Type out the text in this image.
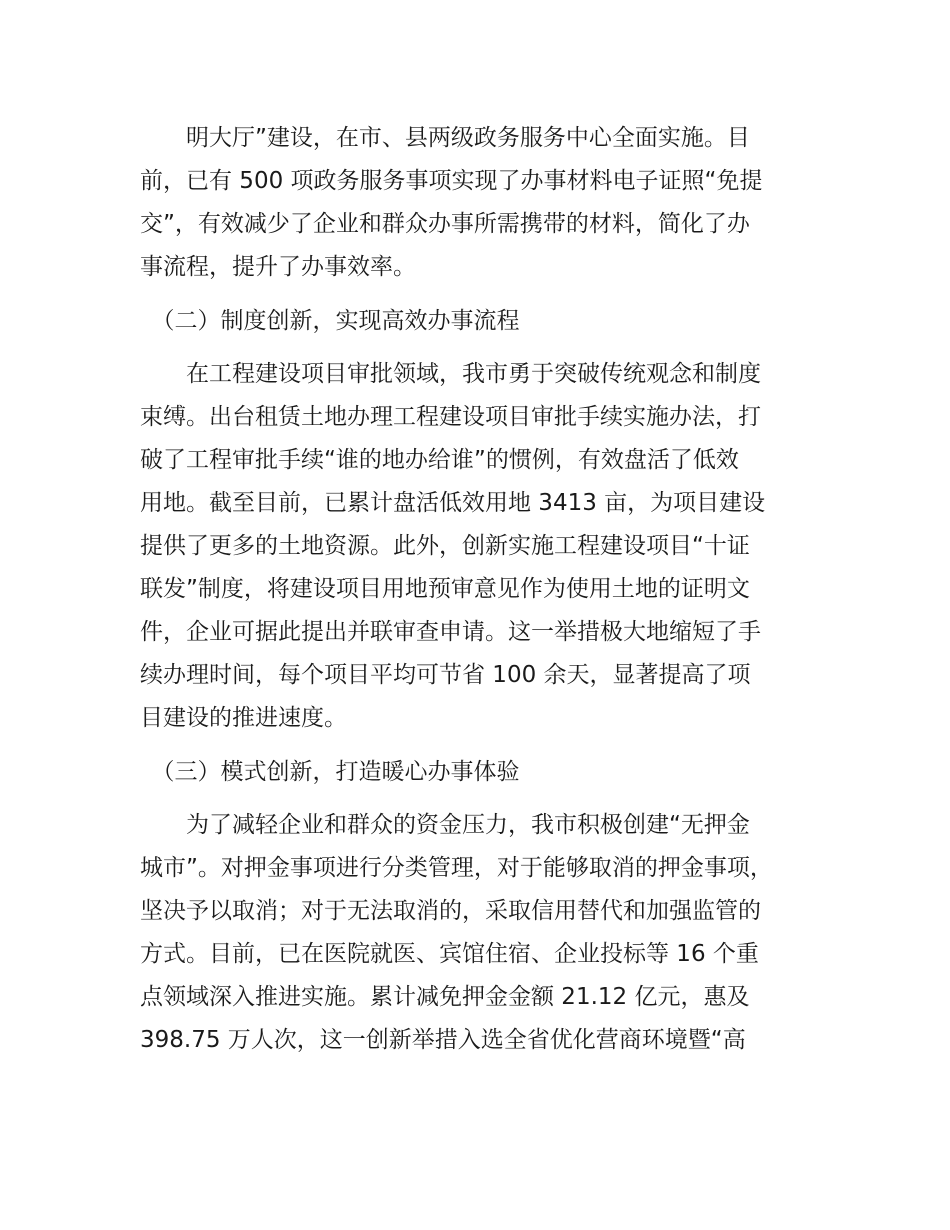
　　明大厅”建设，在市、县两级政务服务中心全面实施。目
前，已有 500 项政务服务事项实现了办事材料电子证照“免提
交”，有效减少了企业和群众办事所需携带的材料，简化了办
事流程，提升了办事效率。
　（二）制度创新，实现高效办事流程
　　在工程建设项目审批领域，我市勇于突破传统观念和制度
束缚。出台租赁土地办理工程建设项目审批手续实施办法，打
破了工程审批手续“谁的地办给谁”的惯例，有效盘活了低效
用地。截至目前，已累计盘活低效用地 3413 亩，为项目建设
提供了更多的土地资源。此外，创新实施工程建设项目“十证
联发”制度，将建设项目用地预审意见作为使用土地的证明文
件，企业可据此提出并联审查申请。这一举措极大地缩短了手
续办理时间，每个项目平均可节省 100 余天，显著提高了项
目建设的推进速度。
　（三）模式创新，打造暖心办事体验
　　为了减轻企业和群众的资金压力，我市积极创建“无押金
城市”。对押金事项进行分类管理，对于能够取消的押金事项，
坚决予以取消；对于无法取消的，采取信用替代和加强监管的
方式。目前，已在医院就医、宾馆住宿、企业投标等 16 个重
点领域深入推进实施。累计减免押金金额 21.12 亿元，惠及
398.75 万人次，这一创新举措入选全省优化营商环境暨“高
